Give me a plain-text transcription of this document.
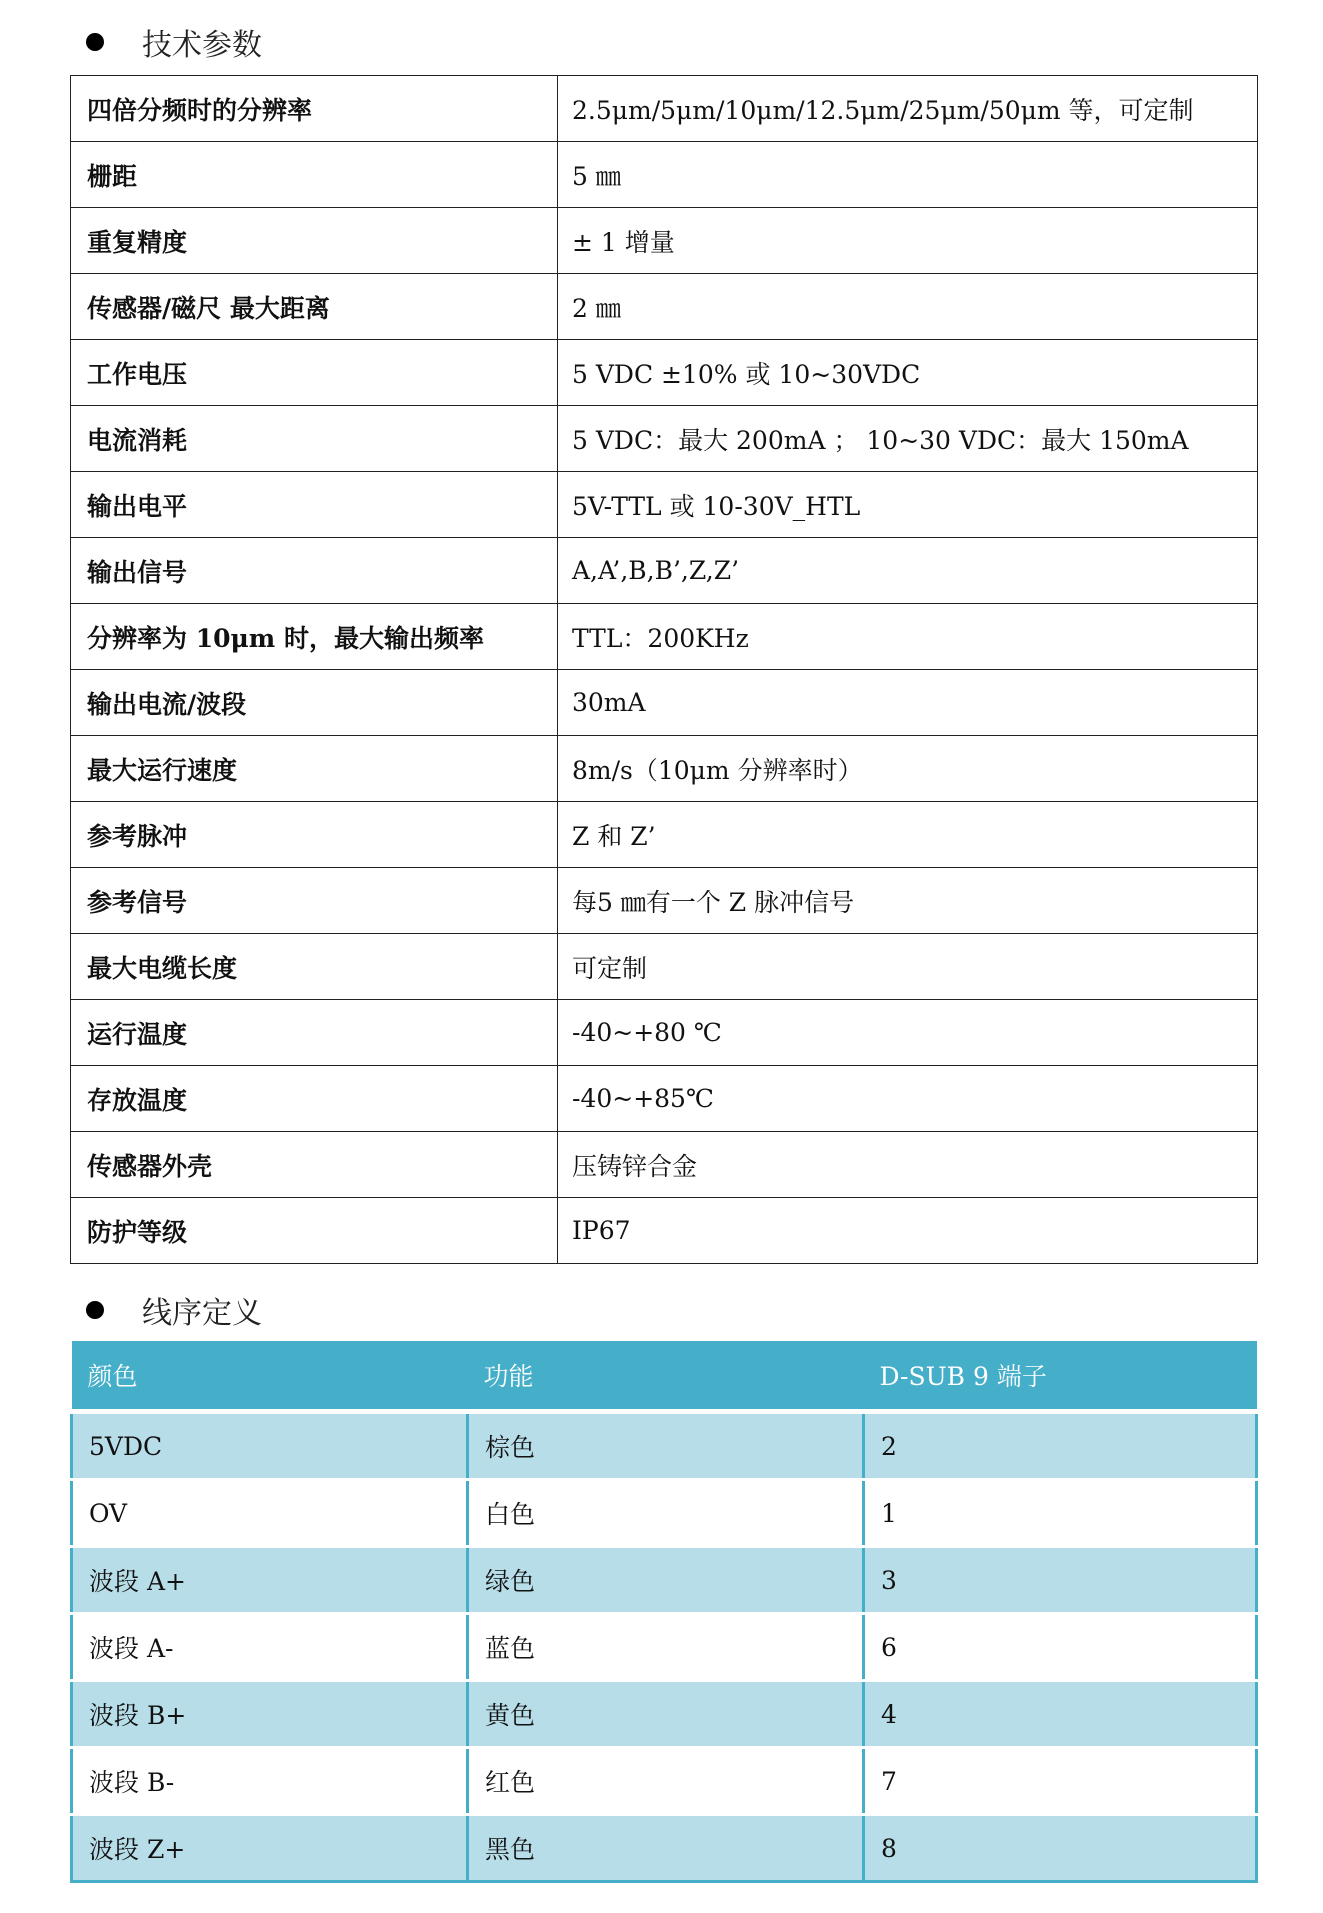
技术参数
四倍分频时的分辨率	2.5μm/5μm/10μm/12.5μm/25μm/50μm 等，可定制
栅距	5 ㎜
重复精度	± 1 增量
传感器/磁尺 最大距离	2 ㎜
工作电压	5 VDC ±10% 或 10~30VDC
电流消耗	5 VDC：最大 200mA ； 10~30 VDC：最大 150mA
输出电平	5V-TTL 或 10-30V_HTL
输出信号	A,A’,B,B’,Z,Z’
分辨率为 10μm 时，最大输出频率	TTL：200KHz
输出电流/波段	30mA
最大运行速度	8m/s（10μm 分辨率时）
参考脉冲	Z 和 Z’
参考信号	每5 ㎜有一个 Z 脉冲信号
最大电缆长度	可定制
运行温度	-40~+80 ℃
存放温度	-40~+85℃
传感器外壳	压铸锌合金
防护等级	IP67
线序定义
颜色	功能	D-SUB 9 端子
5VDC	棕色	2
OV	白色	1
波段 A+	绿色	3
波段 A-	蓝色	6
波段 B+	黄色	4
波段 B-	红色	7
波段 Z+	黑色	8
